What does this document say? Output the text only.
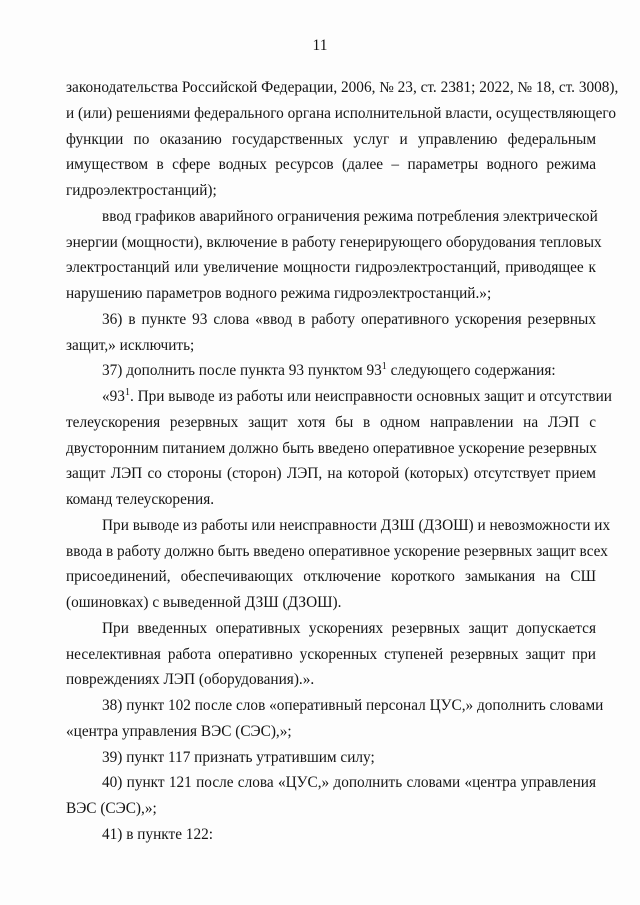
11
законодательства Российской Федерации, 2006, № 23, ст. 2381; 2022, № 18, ст. 3008),
и (или) решениями федерального органа исполнительной власти, осуществляющего
функции по оказанию государственных услуг и управлению федеральным
имуществом в сфере водных ресурсов (далее – параметры водного режима
гидроэлектростанций);
ввод графиков аварийного ограничения режима потребления электрической
энергии (мощности), включение в работу генерирующего оборудования тепловых
электростанций или увеличение мощности гидроэлектростанций, приводящее к
нарушению параметров водного режима гидроэлектростанций.»;
36) в пункте 93 слова «ввод в работу оперативного ускорения резервных
защит,» исключить;
37) дополнить после пункта 93 пунктом $93^1$ следующего содержания:
«$93^1$. При выводе из работы или неисправности основных защит и отсутствии
телеускорения резервных защит хотя бы в одном направлении на ЛЭП с
двусторонним питанием должно быть введено оперативное ускорение резервных
защит ЛЭП со стороны (сторон) ЛЭП, на которой (которых) отсутствует прием
команд телеускорения.
При выводе из работы или неисправности ДЗШ (ДЗОШ) и невозможности их
ввода в работу должно быть введено оперативное ускорение резервных защит всех
присоединений, обеспечивающих отключение короткого замыкания на СШ
(ошиновках) с выведенной ДЗШ (ДЗОШ).
При введенных оперативных ускорениях резервных защит допускается
неселективная работа оперативно ускоренных ступеней резервных защит при
повреждениях ЛЭП (оборудования).».
38) пункт 102 после слов «оперативный персонал ЦУС,» дополнить словами
«центра управления ВЭС (СЭС),»;
39) пункт 117 признать утратившим силу;
40) пункт 121 после слова «ЦУС,» дополнить словами «центра управления
ВЭС (СЭС),»;
41) в пункте 122:
